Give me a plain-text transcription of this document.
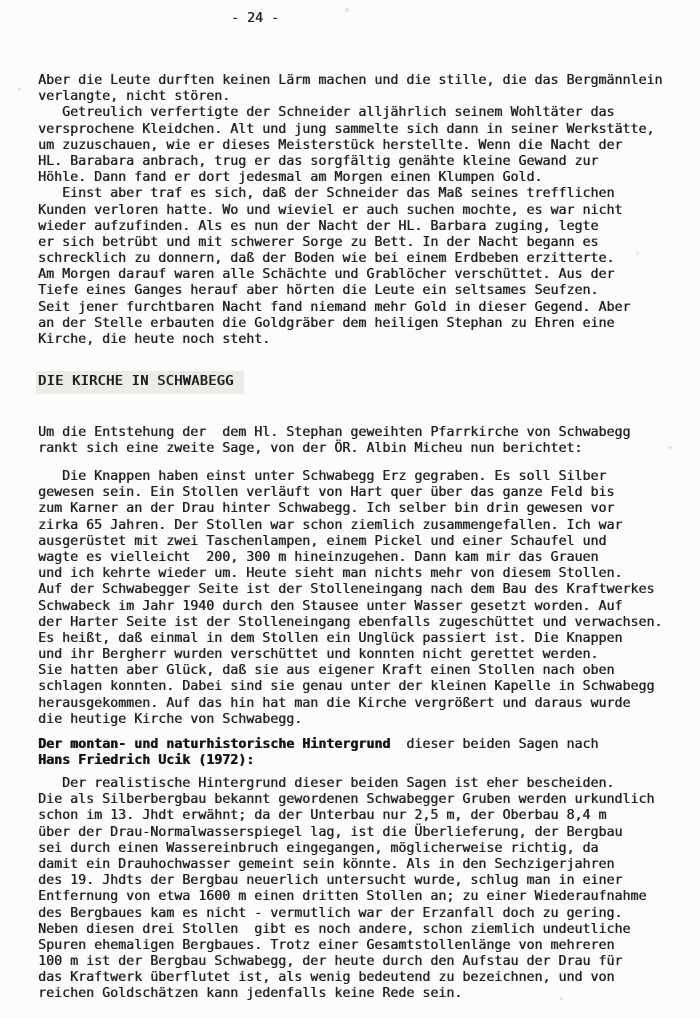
- 24 -
Aber die Leute durften keinen Lärm machen und die stille, die das Bergmännlein
verlangte, nicht stören.
Getreulich verfertigte der Schneider alljährlich seinem Wohltäter das
versprochene Kleidchen. Alt und jung sammelte sich dann in seiner Werkstätte,
um zuzuschauen, wie er dieses Meisterstück herstellte. Wenn die Nacht der
HL. Barabara anbrach, trug er das sorgfältig genähte kleine Gewand zur
Höhle. Dann fand er dort jedesmal am Morgen einen Klumpen Gold.
Einst aber traf es sich, daß der Schneider das Maß seines trefflichen
Kunden verloren hatte. Wo und wieviel er auch suchen mochte, es war nicht
wieder aufzufinden. Als es nun der Nacht der HL. Barbara zuging, legte
er sich betrübt und mit schwerer Sorge zu Bett. In der Nacht begann es
schrecklich zu donnern, daß der Boden wie bei einem Erdbeben erzitterte.
Am Morgen darauf waren alle Schächte und Grablöcher verschüttet. Aus der
Tiefe eines Ganges herauf aber hörten die Leute ein seltsames Seufzen.
Seit jener furchtbaren Nacht fand niemand mehr Gold in dieser Gegend. Aber
an der Stelle erbauten die Goldgräber dem heiligen Stephan zu Ehren eine
Kirche, die heute noch steht.
DIE KIRCHE IN SCHWABEGG
Um die Entstehung der  dem Hl. Stephan geweihten Pfarrkirche von Schwabegg
rankt sich eine zweite Sage, von der ÖR. Albin Micheu nun berichtet:
Die Knappen haben einst unter Schwabegg Erz gegraben. Es soll Silber
gewesen sein. Ein Stollen verläuft von Hart quer über das ganze Feld bis
zum Karner an der Drau hinter Schwabegg. Ich selber bin drin gewesen vor
zirka 65 Jahren. Der Stollen war schon ziemlich zusammengefallen. Ich war
ausgerüstet mit zwei Taschenlampen, einem Pickel und einer Schaufel und
wagte es vielleicht  200, 300 m hineinzugehen. Dann kam mir das Grauen
und ich kehrte wieder um. Heute sieht man nichts mehr von diesem Stollen.
Auf der Schwabegger Seite ist der Stolleneingang nach dem Bau des Kraftwerkes
Schwabeck im Jahr 1940 durch den Stausee unter Wasser gesetzt worden. Auf
der Harter Seite ist der Stolleneingang ebenfalls zugeschüttet und verwachsen.
Es heißt, daß einmal in dem Stollen ein Unglück passiert ist. Die Knappen
und ihr Bergherr wurden verschüttet und konnten nicht gerettet werden.
Sie hatten aber Glück, daß sie aus eigener Kraft einen Stollen nach oben
schlagen konnten. Dabei sind sie genau unter der kleinen Kapelle in Schwabegg
herausgekommen. Auf das hin hat man die Kirche vergrößert und daraus wurde
die heutige Kirche von Schwabegg.
Der montan- und naturhistorische Hintergrund  dieser beiden Sagen nach
Hans Friedrich Ucik (1972):
Der realistische Hintergrund dieser beiden Sagen ist eher bescheiden.
Die als Silberbergbau bekannt gewordenen Schwabegger Gruben werden urkundlich
schon im 13. Jhdt erwähnt; da der Unterbau nur 2,5 m, der Oberbau 8,4 m
über der Drau-Normalwasserspiegel lag, ist die Überlieferung, der Bergbau
sei durch einen Wassereinbruch eingegangen, möglicherweise richtig, da
damit ein Drauhochwasser gemeint sein könnte. Als in den Sechzigerjahren
des 19. Jhdts der Bergbau neuerlich untersucht wurde, schlug man in einer
Entfernung von etwa 1600 m einen dritten Stollen an; zu einer Wiederaufnahme
des Bergbaues kam es nicht - vermutlich war der Erzanfall doch zu gering.
Neben diesen drei Stollen  gibt es noch andere, schon ziemlich undeutliche
Spuren ehemaligen Bergbaues. Trotz einer Gesamtstollenlänge von mehreren
100 m ist der Bergbau Schwabegg, der heute durch den Aufstau der Drau für
das Kraftwerk überflutet ist, als wenig bedeutend zu bezeichnen, und von
reichen Goldschätzen kann jedenfalls keine Rede sein.
